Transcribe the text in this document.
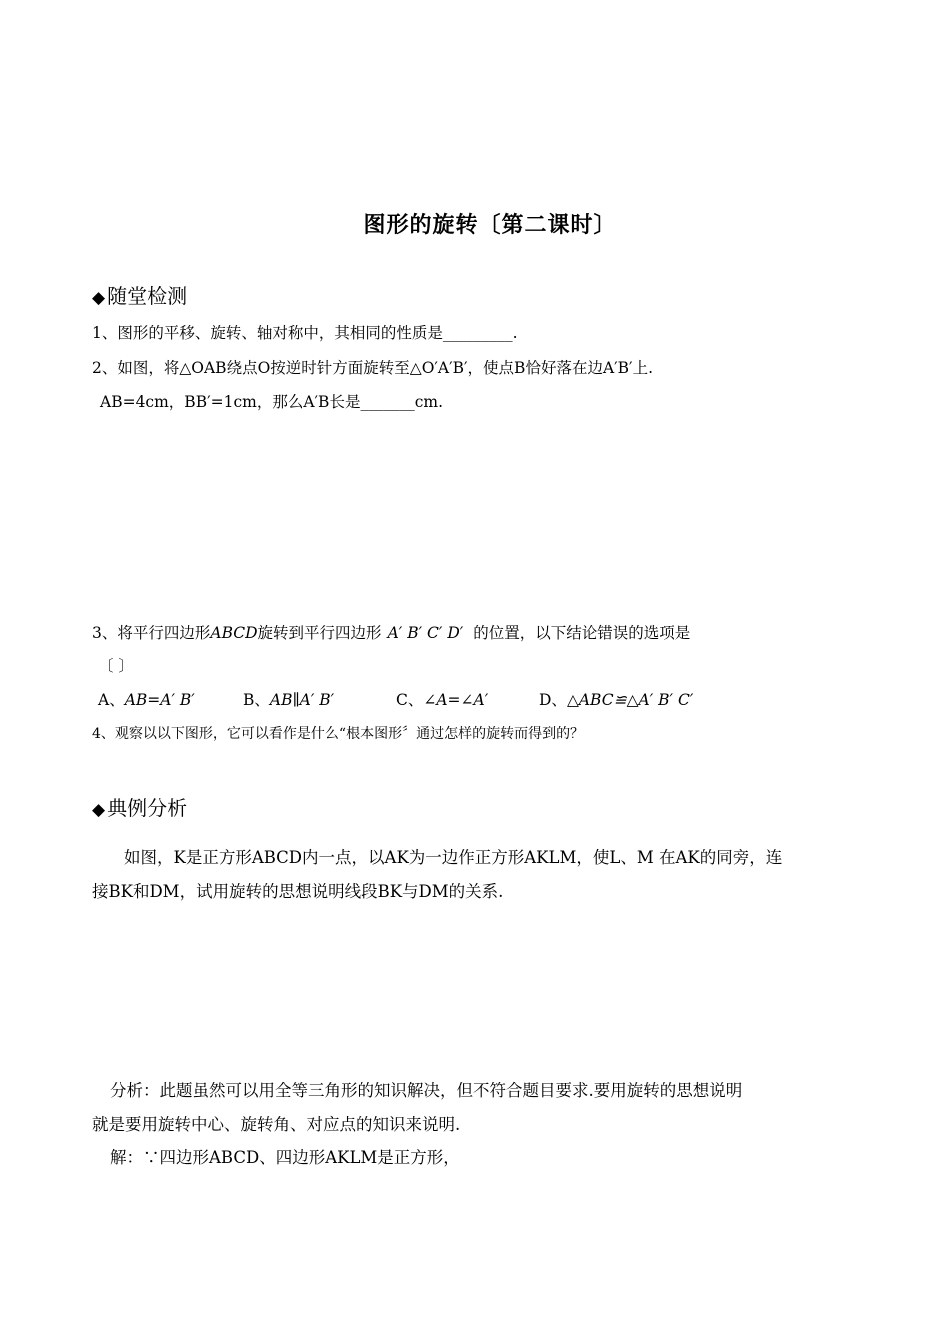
图形的旋转〔第二课时〕
◆ 随堂检测
1、图形的平移、旋转、轴对称中，其相同的性质是_________.
2、如图，将△OAB绕点O按逆时针方面旋转至△O′A′B′，使点B恰好落在边A′B′上.
AB=4cm，BB′=1cm，那么A′B长是_______cm.
3、将平行四边形ABCD旋转到平行四边形 A′ B′ C′ D′ 的位置，以下结论错误的选项是
〔 〕
A、AB=A′ B′	B、AB∥A′ B′	C、∠A=∠A′	D、△ABC≌△A′ B′ C′
4、观察以以下图形，它可以看作是什么“根本图形〞通过怎样的旋转而得到的？
◆ 典例分析
如图，K是正方形ABCD内一点，以AK为一边作正方形AKLM，使L、M 在AK的同旁，连
接BK和DM，试用旋转的思想说明线段BK与DM的关系.
分析：此题虽然可以用全等三角形的知识解决，但不符合题目要求.要用旋转的思想说明
就是要用旋转中心、旋转角、对应点的知识来说明.
解：∵四边形ABCD、四边形AKLM是正方形，
